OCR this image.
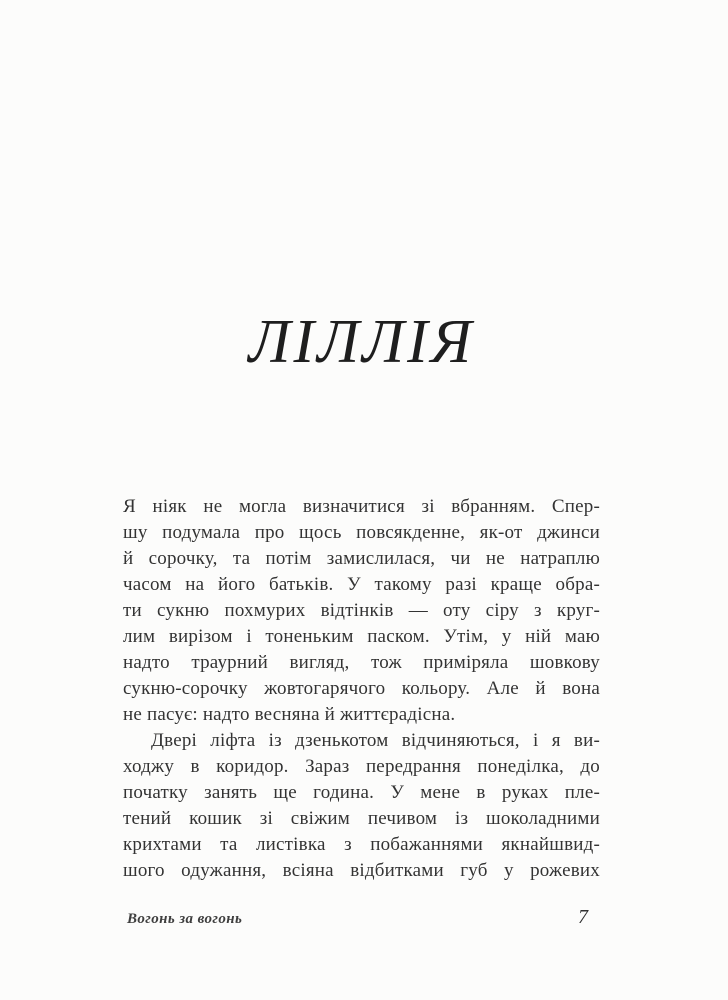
ЛІЛЛІЯ
Я ніяк не могла визначитися зі вбранням. Спер-
шу подумала про щось повсякденне, як-от джинси
й сорочку, та потім замислилася, чи не натраплю
часом на його батьків. У такому разі краще обра-
ти сукню похмурих відтінків — оту сіру з круг-
лим вирізом і тоненьким паском. Утім, у ній маю
надто траурний вигляд, тож приміряла шовкову
сукню-сорочку жовтогарячого кольору. Але й вона
не пасує: надто весняна й життєрадісна.
Двері ліфта із дзенькотом відчиняються, і я ви-
ходжу в коридор. Зараз передрання понеділка, до
початку занять ще година. У мене в руках пле-
тений кошик зі свіжим печивом із шоколадними
крихтами та листівка з побажаннями якнайшвид-
шого одужання, всіяна відбитками губ у рожевих
Вогонь за вогонь	7
